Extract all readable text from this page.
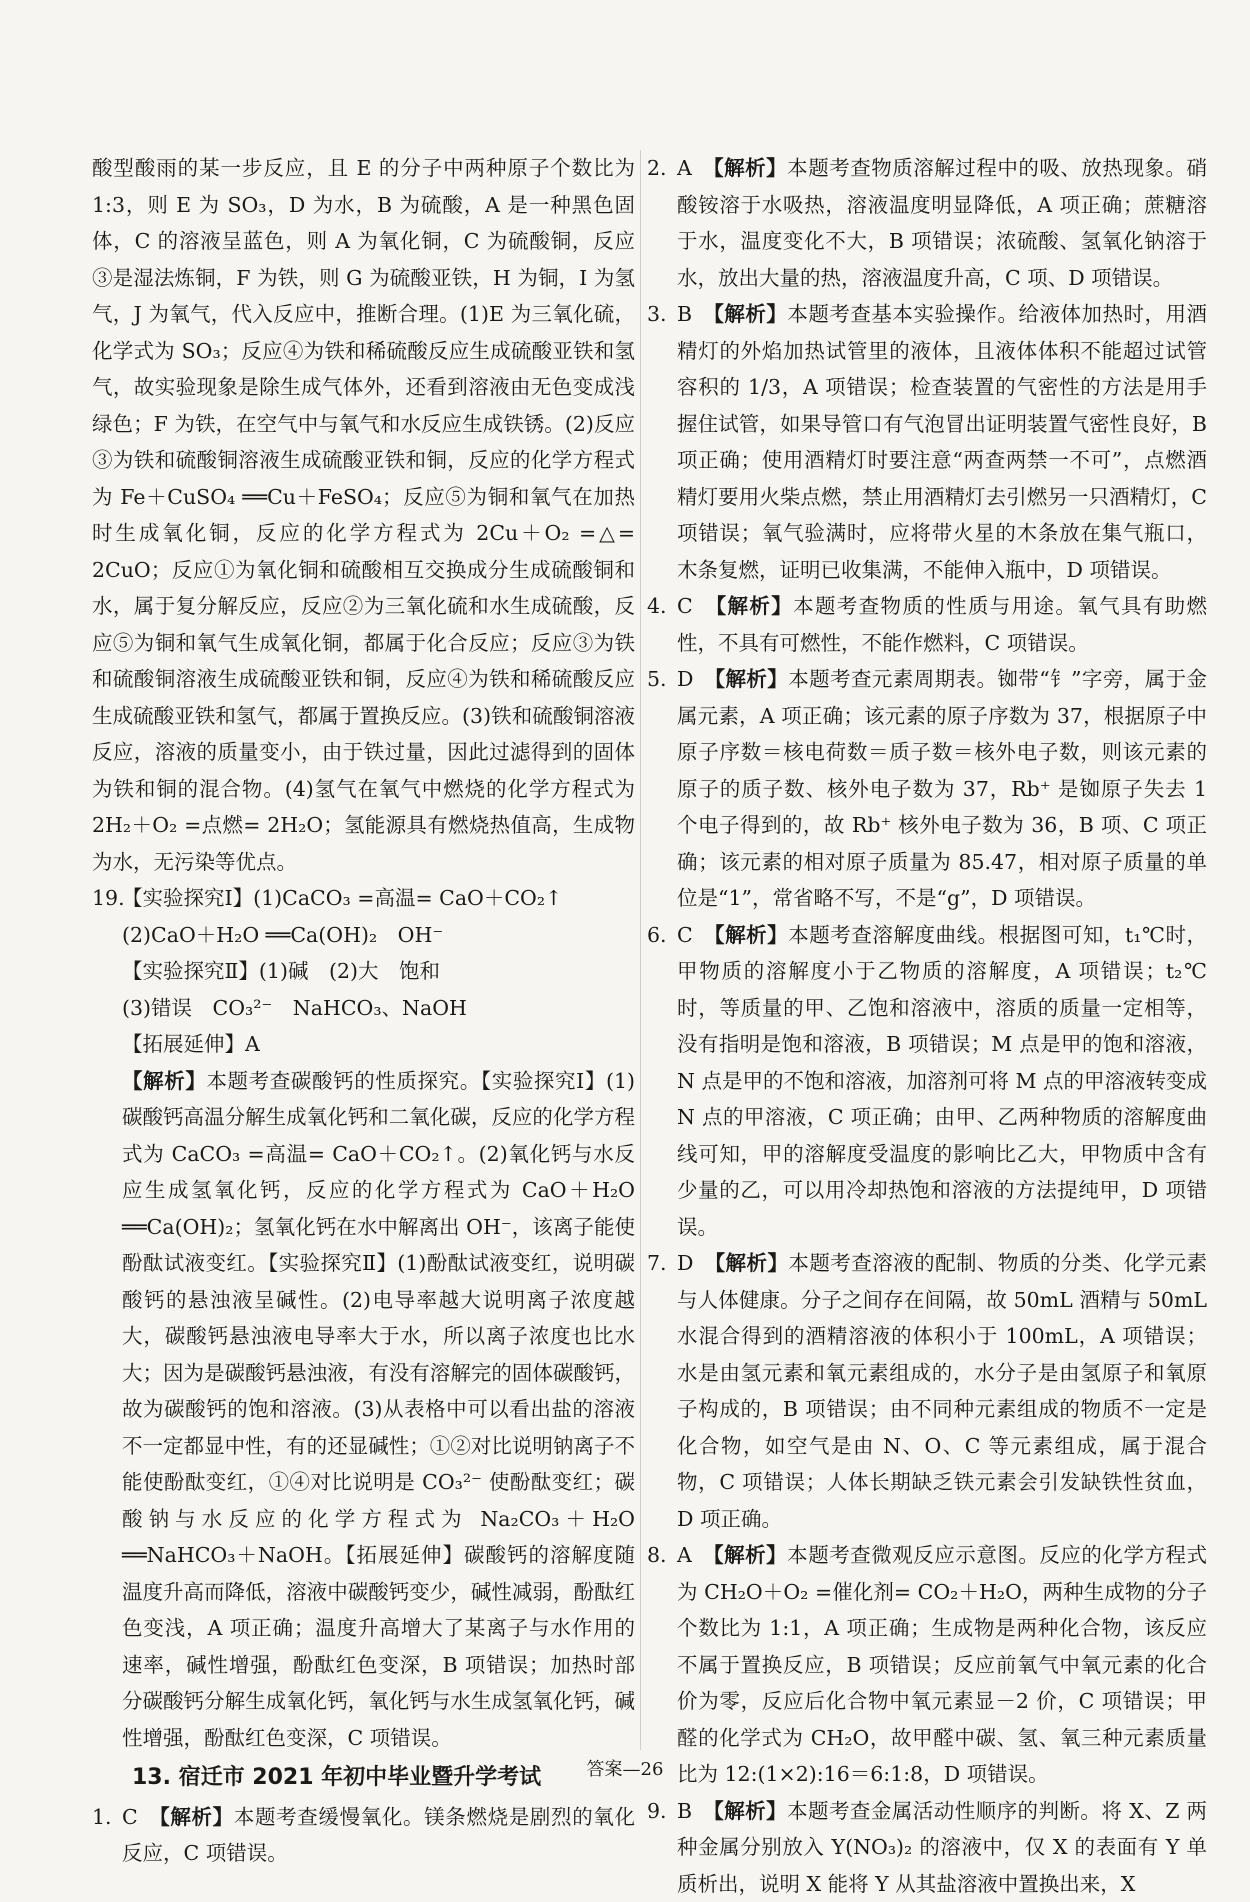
酸型酸雨的某一步反应，且 E 的分子中两种原子个数比为 1:3，则 E 为 SO₃，D 为水，B 为硫酸，A 是一种黑色固体，C 的溶液呈蓝色，则 A 为氧化铜，C 为硫酸铜，反应③是湿法炼铜，F 为铁，则 G 为硫酸亚铁，H 为铜，I 为氢气，J 为氧气，代入反应中，推断合理。(1)E 为三氧化硫，化学式为 SO₃；反应④为铁和稀硫酸反应生成硫酸亚铁和氢气，故实验现象是除生成气体外，还看到溶液由无色变成浅绿色；F 为铁，在空气中与氧气和水反应生成铁锈。(2)反应③为铁和硫酸铜溶液生成硫酸亚铁和铜，反应的化学方程式为 Fe＋CuSO₄ ══Cu＋FeSO₄；反应⑤为铜和氧气在加热时生成氧化铜，反应的化学方程式为 2Cu＋O₂ =△= 2CuO；反应①为氧化铜和硫酸相互交换成分生成硫酸铜和水，属于复分解反应，反应②为三氧化硫和水生成硫酸，反应⑤为铜和氧气生成氧化铜，都属于化合反应；反应③为铁和硫酸铜溶液生成硫酸亚铁和铜，反应④为铁和稀硫酸反应生成硫酸亚铁和氢气，都属于置换反应。(3)铁和硫酸铜溶液反应，溶液的质量变小，由于铁过量，因此过滤得到的固体为铁和铜的混合物。(4)氢气在氧气中燃烧的化学方程式为 2H₂＋O₂ =点燃= 2H₂O；氢能源具有燃烧热值高，生成物为水，无污染等优点。

19.【实验探究Ⅰ】(1)CaCO₃ =高温= CaO＋CO₂↑
(2)CaO＋H₂O ══Ca(OH)₂　OH⁻
【实验探究Ⅱ】(1)碱　(2)大　饱和
(3)错误　CO₃²⁻　NaHCO₃、NaOH
【拓展延伸】A
【解析】本题考查碳酸钙的性质探究。【实验探究Ⅰ】(1)碳酸钙高温分解生成氧化钙和二氧化碳，反应的化学方程式为 CaCO₃ =高温= CaO＋CO₂↑。(2)氧化钙与水反应生成氢氧化钙，反应的化学方程式为 CaO＋H₂O ══Ca(OH)₂；氢氧化钙在水中解离出 OH⁻，该离子能使酚酞试液变红。【实验探究Ⅱ】(1)酚酞试液变红，说明碳酸钙的悬浊液呈碱性。(2)电导率越大说明离子浓度越大，碳酸钙悬浊液电导率大于水，所以离子浓度也比水大；因为是碳酸钙悬浊液，有没有溶解完的固体碳酸钙，故为碳酸钙的饱和溶液。(3)从表格中可以看出盐的溶液不一定都显中性，有的还显碱性；①②对比说明钠离子不能使酚酞变红，①④对比说明是 CO₃²⁻ 使酚酞变红；碳酸钠与水反应的化学方程式为 Na₂CO₃＋H₂O ══NaHCO₃＋NaOH。【拓展延伸】碳酸钙的溶解度随温度升高而降低，溶液中碳酸钙变少，碱性减弱，酚酞红色变浅，A 项正确；温度升高增大了某离子与水作用的速率，碱性增强，酚酞红色变深，B 项错误；加热时部分碳酸钙分解生成氧化钙，氧化钙与水生成氢氧化钙，碱性增强，酚酞红色变深，C 项错误。
13. 宿迁市 2021 年初中毕业暨升学考试
1. C　【解析】本题考查缓慢氧化。镁条燃烧是剧烈的氧化反应，C 项错误。
2. A　【解析】本题考查物质溶解过程中的吸、放热现象。硝酸铵溶于水吸热，溶液温度明显降低，A 项正确；蔗糖溶于水，温度变化不大，B 项错误；浓硫酸、氢氧化钠溶于水，放出大量的热，溶液温度升高，C 项、D 项错误。
3. B　【解析】本题考查基本实验操作。给液体加热时，用酒精灯的外焰加热试管里的液体，且液体体积不能超过试管容积的 1/3，A 项错误；检查装置的气密性的方法是用手握住试管，如果导管口有气泡冒出证明装置气密性良好，B 项正确；使用酒精灯时要注意“两查两禁一不可”，点燃酒精灯要用火柴点燃，禁止用酒精灯去引燃另一只酒精灯，C 项错误；氧气验满时，应将带火星的木条放在集气瓶口，木条复燃，证明已收集满，不能伸入瓶中，D 项错误。
4. C　【解析】本题考查物质的性质与用途。氧气具有助燃性，不具有可燃性，不能作燃料，C 项错误。
5. D　【解析】本题考查元素周期表。铷带“钅”字旁，属于金属元素，A 项正确；该元素的原子序数为 37，根据原子中原子序数＝核电荷数＝质子数＝核外电子数，则该元素的原子的质子数、核外电子数为 37，Rb⁺ 是铷原子失去 1 个电子得到的，故 Rb⁺ 核外电子数为 36，B 项、C 项正确；该元素的相对原子质量为 85.47，相对原子质量的单位是“1”，常省略不写，不是“g”，D 项错误。
6. C　【解析】本题考查溶解度曲线。根据图可知，t₁℃时，甲物质的溶解度小于乙物质的溶解度，A 项错误；t₂℃时，等质量的甲、乙饱和溶液中，溶质的质量一定相等，没有指明是饱和溶液，B 项错误；M 点是甲的饱和溶液，N 点是甲的不饱和溶液，加溶剂可将 M 点的甲溶液转变成 N 点的甲溶液，C 项正确；由甲、乙两种物质的溶解度曲线可知，甲的溶解度受温度的影响比乙大，甲物质中含有少量的乙，可以用冷却热饱和溶液的方法提纯甲，D 项错误。
7. D　【解析】本题考查溶液的配制、物质的分类、化学元素与人体健康。分子之间存在间隔，故 50mL 酒精与 50mL 水混合得到的酒精溶液的体积小于 100mL，A 项错误；水是由氢元素和氧元素组成的，水分子是由氢原子和氧原子构成的，B 项错误；由不同种元素组成的物质不一定是化合物，如空气是由 N、O、C 等元素组成，属于混合物，C 项错误；人体长期缺乏铁元素会引发缺铁性贫血，D 项正确。
8. A　【解析】本题考查微观反应示意图。反应的化学方程式为 CH₂O＋O₂ =催化剂= CO₂＋H₂O，两种生成物的分子个数比为 1:1，A 项正确；生成物是两种化合物，该反应不属于置换反应，B 项错误；反应前氧气中氧元素的化合价为零，反应后化合物中氧元素显－2 价，C 项错误；甲醛的化学式为 CH₂O，故甲醛中碳、氢、氧三种元素质量比为 12:(1×2):16＝6:1:8，D 项错误。
9. B　【解析】本题考查金属活动性顺序的判断。将 X、Z 两种金属分别放入 Y(NO₃)₂ 的溶液中，仅 X 的表面有 Y 单质析出，说明 X 能将 Y 从其盐溶液中置换出来，X
答案—26
